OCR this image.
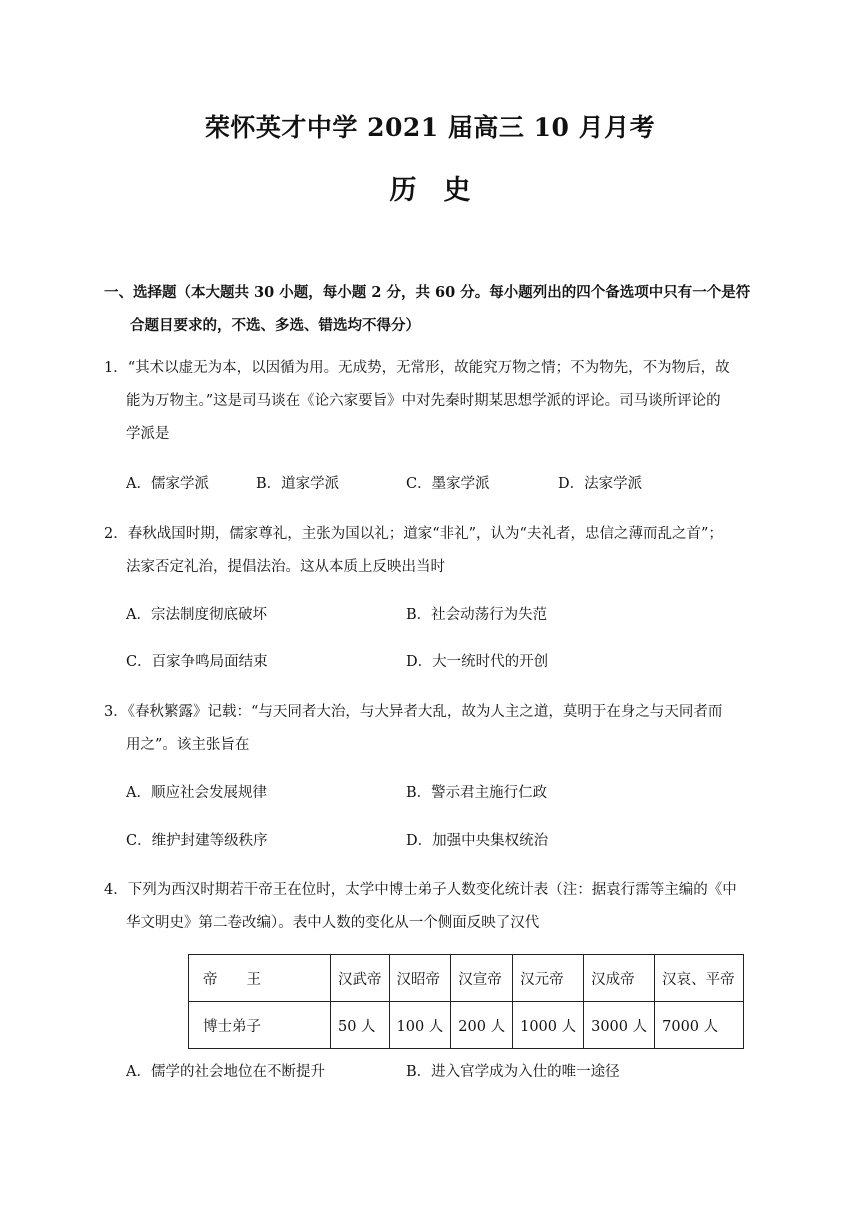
荣怀英才中学 2021 届高三 10 月月考
历　史
一、选择题（本大题共 30 小题，每小题 2 分，共 60 分。每小题列出的四个备选项中只有一个是符
合题目要求的，不选、多选、错选均不得分）
1．“其术以虚无为本，以因循为用。无成势，无常形，故能究万物之情；不为物先，不为物后，故
能为万物主。”这是司马谈在《论六家要旨》中对先秦时期某思想学派的评论。司马谈所评论的
学派是
A．儒家学派	B．道家学派	C．墨家学派	D．法家学派
2．春秋战国时期，儒家尊礼，主张为国以礼；道家“非礼”，认为“夫礼者，忠信之薄而乱之首”；
法家否定礼治，提倡法治。这从本质上反映出当时
A．宗法制度彻底破坏	B．社会动荡行为失范
C．百家争鸣局面结束	D．大一统时代的开创
3．《春秋繁露》记载：“与天同者大治，与大异者大乱，故为人主之道，莫明于在身之与天同者而
用之”。该主张旨在
A．顺应社会发展规律	B．警示君主施行仁政
C．维护封建等级秩序	D．加强中央集权统治
4．下列为西汉时期若干帝王在位时，太学中博士弟子人数变化统计表（注：据袁行霈等主编的《中
华文明史》第二卷改编）。表中人数的变化从一个侧面反映了汉代
帝　　王	汉武帝	汉昭帝	汉宣帝	汉元帝	汉成帝	汉哀、平帝
博士弟子	50 人	100 人	200 人	1000 人	3000 人	7000 人
A．儒学的社会地位在不断提升	B．进入官学成为入仕的唯一途径
